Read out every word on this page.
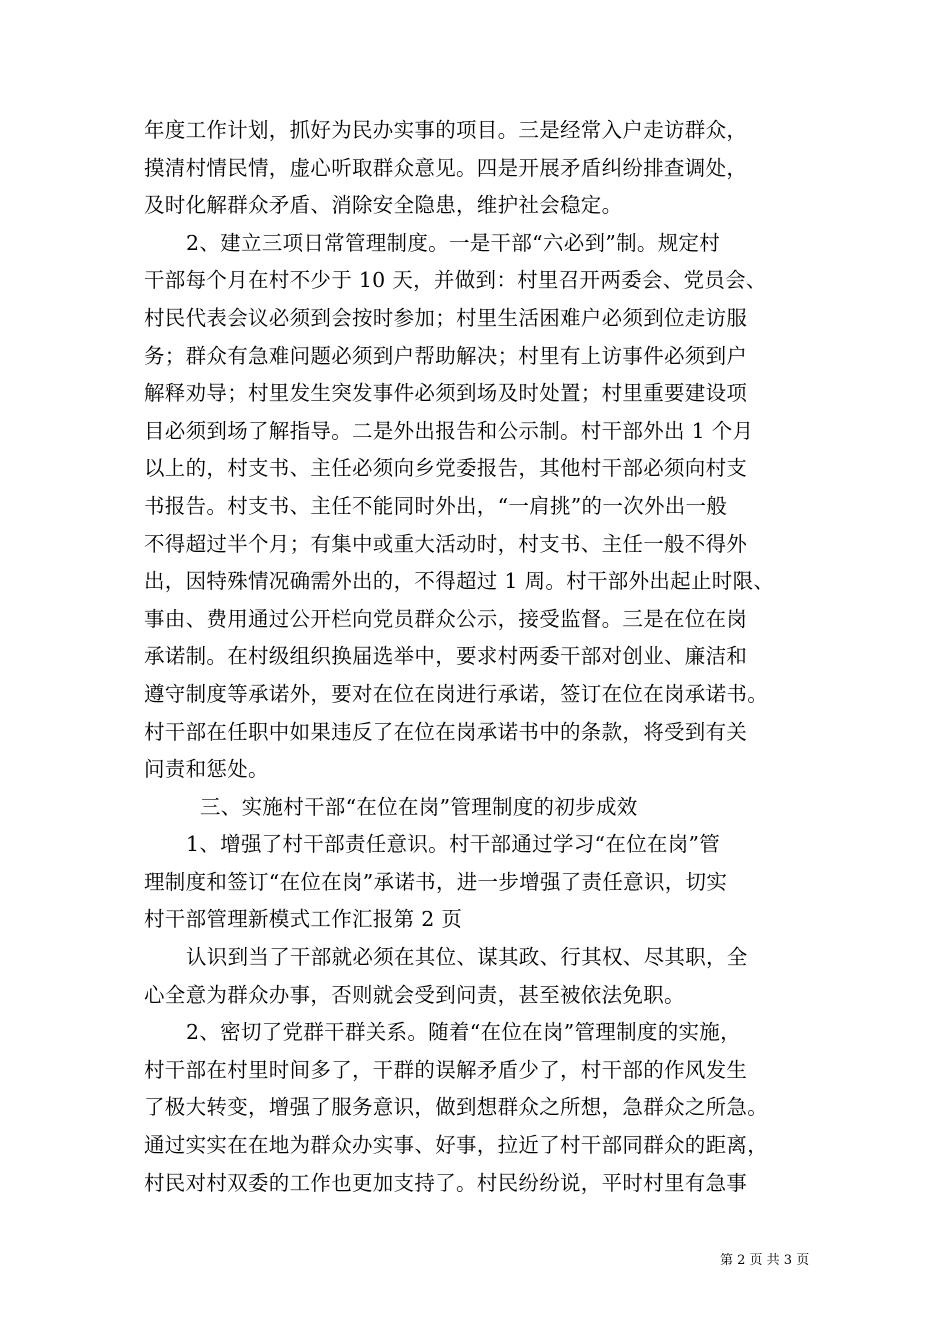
年度工作计划，抓好为民办实事的项目。三是经常入户走访群众，
摸清村情民情，虚心听取群众意见。四是开展矛盾纠纷排查调处，
及时化解群众矛盾、消除安全隐患，维护社会稳定。
2、建立三项日常管理制度。一是干部“六必到”制。规定村
干部每个月在村不少于 10 天，并做到：村里召开两委会、党员会、
村民代表会议必须到会按时参加；村里生活困难户必须到位走访服
务；群众有急难问题必须到户帮助解决；村里有上访事件必须到户
解释劝导；村里发生突发事件必须到场及时处置；村里重要建设项
目必须到场了解指导。二是外出报告和公示制。村干部外出 1 个月
以上的，村支书、主任必须向乡党委报告，其他村干部必须向村支
书报告。村支书、主任不能同时外出，“一肩挑”的一次外出一般
不得超过半个月；有集中或重大活动时，村支书、主任一般不得外
出，因特殊情况确需外出的，不得超过 1 周。村干部外出起止时限、
事由、费用通过公开栏向党员群众公示，接受监督。三是在位在岗
承诺制。在村级组织换届选举中，要求村两委干部对创业、廉洁和
遵守制度等承诺外，要对在位在岗进行承诺，签订在位在岗承诺书。
村干部在任职中如果违反了在位在岗承诺书中的条款，将受到有关
问责和惩处。
三、实施村干部“在位在岗”管理制度的初步成效
1、增强了村干部责任意识。村干部通过学习“在位在岗”管
理制度和签订“在位在岗”承诺书，进一步增强了责任意识，切实
村干部管理新模式工作汇报第 2 页
认识到当了干部就必须在其位、谋其政、行其权、尽其职，全
心全意为群众办事，否则就会受到问责，甚至被依法免职。
2、密切了党群干群关系。随着“在位在岗”管理制度的实施，
村干部在村里时间多了，干群的误解矛盾少了，村干部的作风发生
了极大转变，增强了服务意识，做到想群众之所想，急群众之所急。
通过实实在在地为群众办实事、好事，拉近了村干部同群众的距离，
村民对村双委的工作也更加支持了。村民纷纷说，平时村里有急事
第 2 页 共 3 页
